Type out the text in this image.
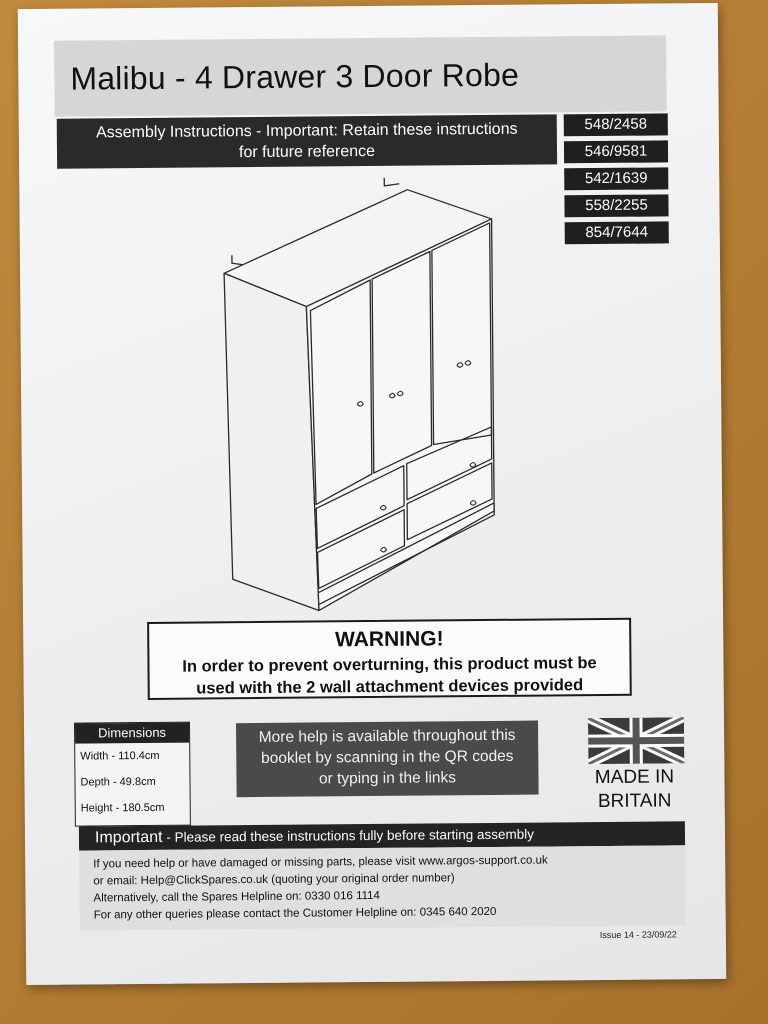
Malibu - 4 Drawer 3 Door Robe
Assembly Instructions - Important: Retain these instructions
for future reference
548/2458
546/9581
542/1639
558/2255
854/7644
WARNING!
In order to prevent overturning, this product must be
used with the 2 wall attachment devices provided
Dimensions
Width - 110.4cm
Depth - 49.8cm
Height - 180.5cm
More help is available throughout this
booklet by scanning in the QR codes
or typing in the links	MADE IN
BRITAIN
Important - Please read these instructions fully before starting assembly
If you need help or have damaged or missing parts, please visit www.argos-support.co.uk
or email: Help@ClickSpares.co.uk (quoting your original order number)
Alternatively, call the Spares Helpline on: 0330 016 1114
For any other queries please contact the Customer Helpline on: 0345 640 2020
Issue 14 - 23/09/22
